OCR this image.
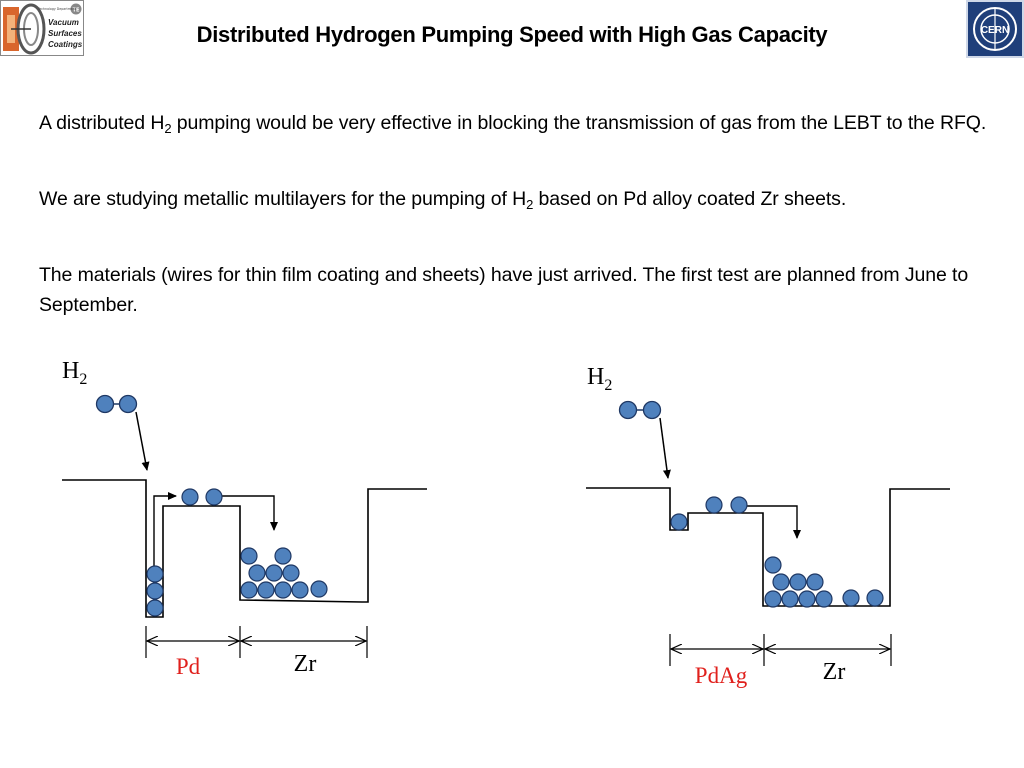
TE
Technology Department
Vacuum
Surfaces
Coatings	Distributed Hydrogen Pumping Speed with High Gas Capacity	CERN
A distributed $H_2$ pumping would be very effective in blocking the transmission of gas from the LEBT to the RFQ.
We are studying metallic multilayers for the pumping of $H_2$ based on Pd alloy coated Zr sheets.
The materials (wires for thin film coating and sheets) have just arrived. The first test are planned from June to September.
$H_2$
Pd	Zr
$H_2$
PdAg	Zr
